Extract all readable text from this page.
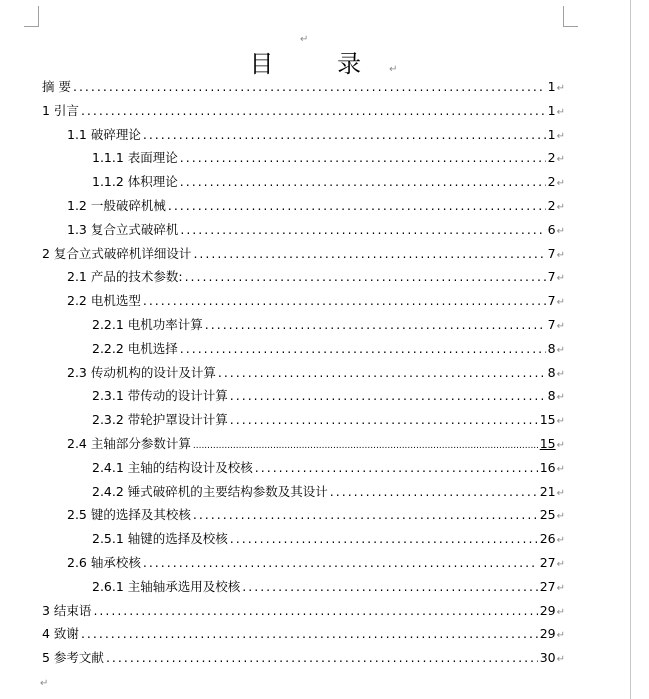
↵
目 录↵
摘 要 .....	1 ↵
1 引言 .....	1 ↵
1.1 破碎理论 .....	1 ↵
1.1.1 表面理论 .....	2 ↵
1.1.2 体积理论 .....	2 ↵
1.2 一般破碎机械 .....	2 ↵
1.3 复合立式破碎机 .....	6 ↵
2 复合立式破碎机详细设计 .....	7 ↵
2.1 产品的技术参数: .....	7 ↵
2.2 电机选型 .....	7 ↵
2.2.1 电机功率计算 .....	7 ↵
2.2.2 电机选择 .....	8 ↵
2.3 传动机构的设计及计算 .....	8 ↵
2.3.1 带传动的设计计算 .....	8 ↵
2.3.2 带轮护罩设计计算 .....	15 ↵
2.4 主轴部分参数计算 .....	15 ↵
2.4.1 主轴的结构设计及校核 .....	16 ↵
2.4.2 锤式破碎机的主要结构参数及其设计 .....	21 ↵
2.5 键的选择及其校核 .....	25 ↵
2.5.1 轴键的选择及校核 .....	26 ↵
2.6 轴承校核 .....	27 ↵
2.6.1 主轴轴承选用及校核 .....	27 ↵
3 结束语 .....	29 ↵
4 致谢 .....	29 ↵
5 参考文献 .....	30 ↵
↵
